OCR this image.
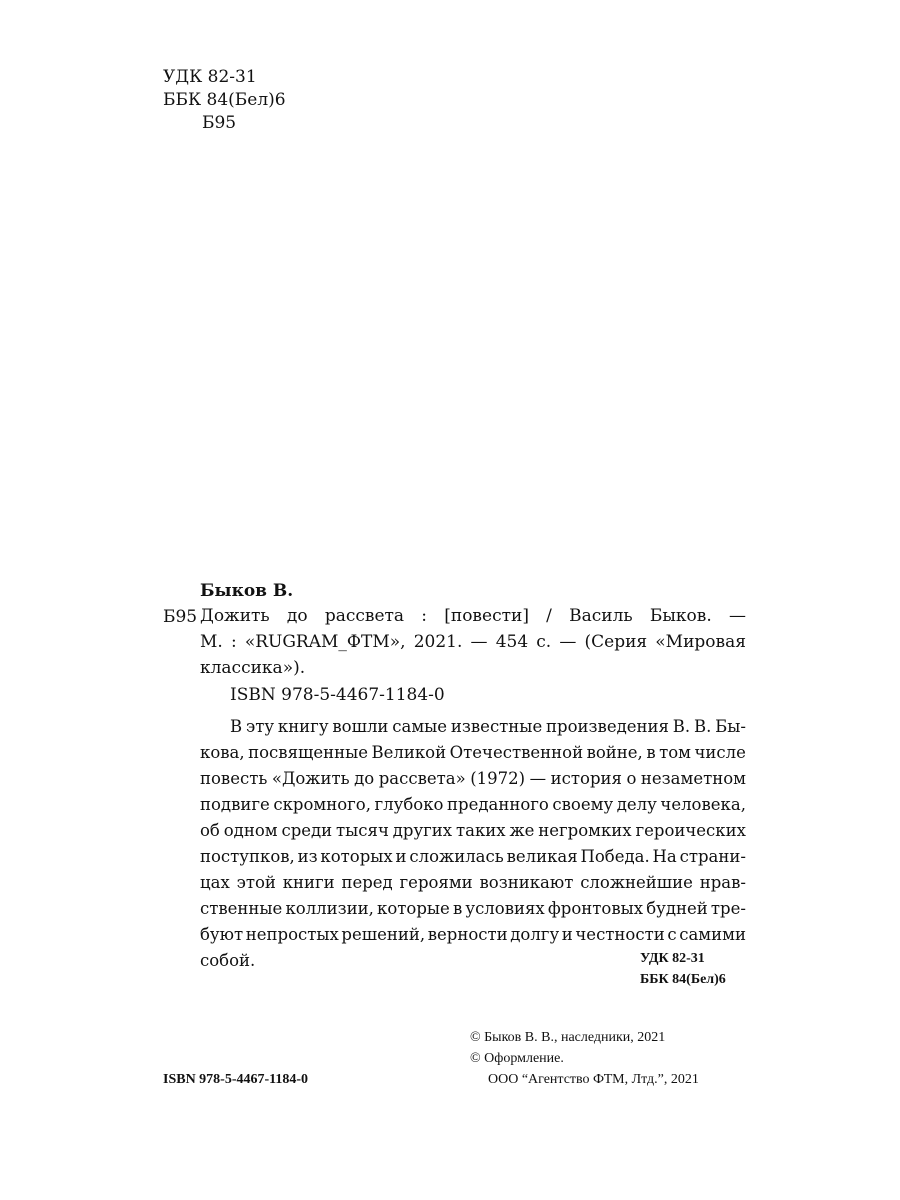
УДК 82-31
ББК 84(Бел)6
Б95
Быков В.
Б95 Дожить до рассвета : [повести] / Василь Быков. —
М. : «RUGRAM_ФТМ», 2021. — 454 с. — (Серия «Мировая
классика»).
ISBN 978-5-4467-1184-0
В эту книгу вошли самые известные произведения В. В. Бы-
кова, посвященные Великой Отечественной войне, в том числе
повесть «Дожить до рассвета» (1972) — история о незаметном
подвиге скромного, глубоко преданного своему делу человека,
об одном среди тысяч других таких же негромких героических
поступков, из которых и сложилась великая Победа. На страни-
цах этой книги перед героями возникают сложнейшие нрав-
ственные коллизии, которые в условиях фронтовых будней тре-
буют непростых решений, верности долгу и честности с самими
собой.	УДК 82-31
ББК 84(Бел)6
© Быков В. В., наследники, 2021
© Оформление.
ООО “Агентство ФТМ, Лтд.”, 2021
ISBN 978-5-4467-1184-0
